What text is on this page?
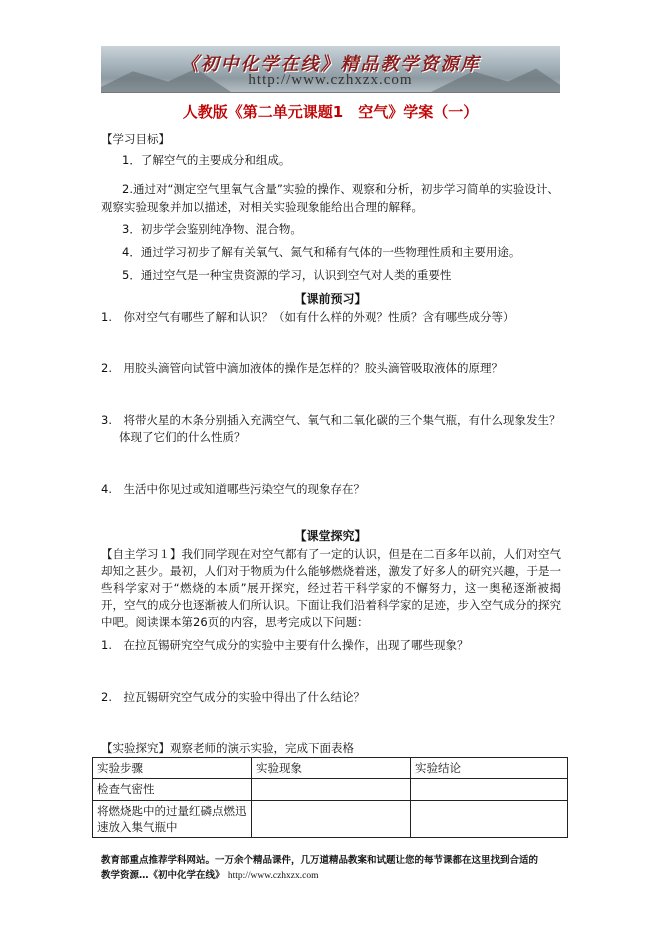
《初中化学在线》精品教学资源库
http://www.czhxzx.com
人教版《第二单元课题1　空气》学案（一）
【学习目标】
1．了解空气的主要成分和组成。
2.通过对“测定空气里氧气含量”实验的操作、观察和分析，初步学习简单的实验设计、
观察实验现象并加以描述，对相关实验现象能给出合理的解释。
3．初步学会鉴别纯净物、混合物。
4．通过学习初步了解有关氧气、氮气和稀有气体的一些物理性质和主要用途。
5．通过空气是一种宝贵资源的学习，认识到空气对人类的重要性
【课前预习】
1.　你对空气有哪些了解和认识？（如有什么样的外观？性质？含有哪些成分等）
2.　用胶头滴管向试管中滴加液体的操作是怎样的？胶头滴管吸取液体的原理？
3.　将带火星的木条分别插入充满空气、氧气和二氧化碳的三个集气瓶，有什么现象发生？
体现了它们的什么性质？
4.　生活中你见过或知道哪些污染空气的现象存在？
【课堂探究】
【自主学习１】我们同学现在对空气都有了一定的认识，但是在二百多年以前，人们对空气却知之甚少。最初，人们对于物质为什么能够燃烧着迷，激发了好多人的研究兴趣，于是一些科学家对于“燃烧的本质”展开探究，经过若干科学家的不懈努力，这一奥秘逐渐被揭开，空气的成分也逐渐被人们所认识。下面让我们沿着科学家的足迹，步入空气成分的探究中吧。阅读课本第26页的内容，思考完成以下问题：
1.　在拉瓦锡研究空气成分的实验中主要有什么操作，出现了哪些现象？
2.　拉瓦锡研究空气成分的实验中得出了什么结论？
【实验探究】观察老师的演示实验，完成下面表格
实验步骤	实验现象	实验结论
检查气密性		
将燃烧匙中的过量红磷点燃迅速放入集气瓶中		
教育部重点推荐学科网站。一万余个精品课件，几万道精品教案和试题让您的每节课都在这里找到合适的
教学资源…《初中化学在线》 http://www.czhxzx.com
